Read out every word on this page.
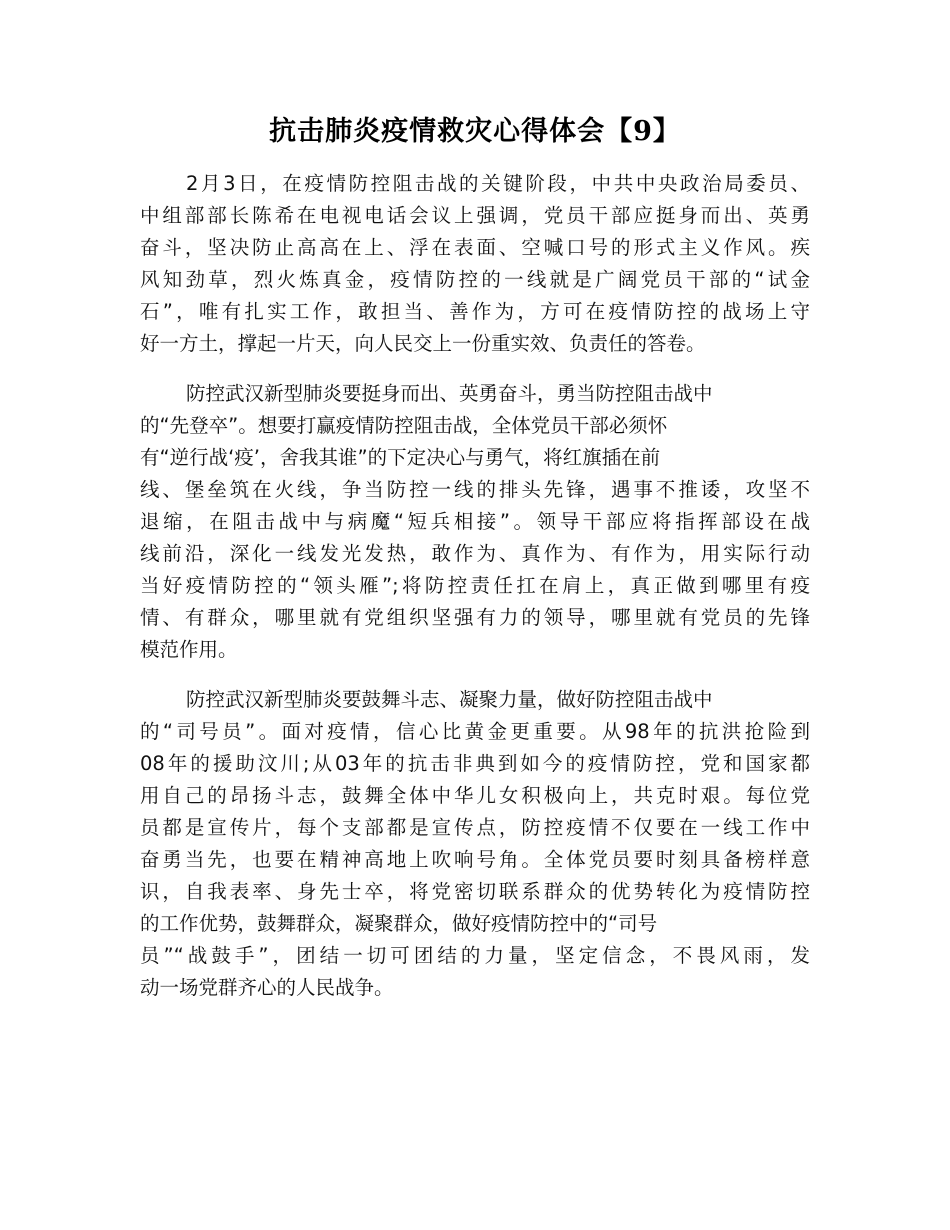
抗击肺炎疫情救灾心得体会【9】
2月3日，在疫情防控阻击战的关键阶段，中共中央政治局委员、
中组部部长陈希在电视电话会议上强调，党员干部应挺身而出、英勇
奋斗，坚决防止高高在上、浮在表面、空喊口号的形式主义作风。疾
风知劲草，烈火炼真金，疫情防控的一线就是广阔党员干部的“试金
石”，唯有扎实工作，敢担当、善作为，方可在疫情防控的战场上守
好一方土，撑起一片天，向人民交上一份重实效、负责任的答卷。
防控武汉新型肺炎要挺身而出、英勇奋斗，勇当防控阻击战中
的“先登卒”。想要打赢疫情防控阻击战，全体党员干部必须怀
有“逆行战‘疫’，舍我其谁”的下定决心与勇气，将红旗插在前
线、堡垒筑在火线，争当防控一线的排头先锋，遇事不推诿，攻坚不
退缩，在阻击战中与病魔“短兵相接”。领导干部应将指挥部设在战
线前沿，深化一线发光发热，敢作为、真作为、有作为，用实际行动
当好疫情防控的“领头雁”;将防控责任扛在肩上，真正做到哪里有疫
情、有群众，哪里就有党组织坚强有力的领导，哪里就有党员的先锋
模范作用。
防控武汉新型肺炎要鼓舞斗志、凝聚力量，做好防控阻击战中
的“司号员”。面对疫情，信心比黄金更重要。从98年的抗洪抢险到
08年的援助汶川;从03年的抗击非典到如今的疫情防控，党和国家都
用自己的昂扬斗志，鼓舞全体中华儿女积极向上，共克时艰。每位党
员都是宣传片，每个支部都是宣传点，防控疫情不仅要在一线工作中
奋勇当先，也要在精神高地上吹响号角。全体党员要时刻具备榜样意
识，自我表率、身先士卒，将党密切联系群众的优势转化为疫情防控
的工作优势，鼓舞群众，凝聚群众，做好疫情防控中的“司号
员”“战鼓手”，团结一切可团结的力量，坚定信念，不畏风雨，发
动一场党群齐心的人民战争。
